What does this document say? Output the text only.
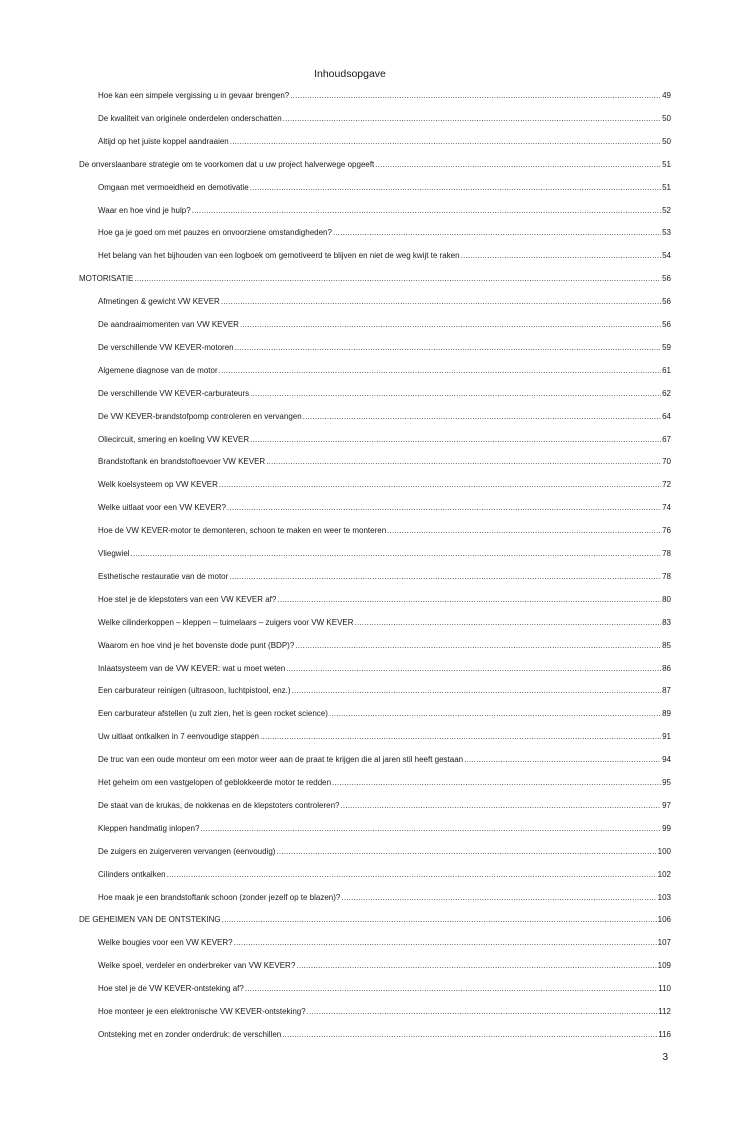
Inhoudsopgave
Hoe kan een simpele vergissing u in gevaar brengen? .....	49
De kwaliteit van originele onderdelen onderschatten .....	50
Altijd op het juiste koppel aandraaien .....	50
De onverslaanbare strategie om te voorkomen dat u uw project halverwege opgeeft .....	51
Omgaan met vermoeidheid en demotivatie .....	51
Waar en hoe vind je hulp? .....	52
Hoe ga je goed om met pauzes en onvoorziene omstandigheden? .....	53
Het belang van het bijhouden van een logboek om gemotiveerd te blijven en niet de weg kwijt te raken .....	54
MOTORISATIE .....	56
Afmetingen & gewicht VW KEVER .....	56
De aandraaimomenten van VW KEVER .....	56
De verschillende VW KEVER-motoren .....	59
Algemene diagnose van de motor .....	61
De verschillende VW KEVER-carburateurs .....	62
De VW KEVER-brandstofpomp controleren en vervangen .....	64
Oliecircuit, smering en koeling VW KEVER .....	67
Brandstoftank en brandstoftoevoer VW KEVER .....	70
Welk koelsysteem op VW KEVER .....	72
Welke uitlaat voor een VW KEVER? .....	74
Hoe de VW KEVER-motor te demonteren, schoon te maken en weer te monteren .....	76
Vliegwiel .....	78
Esthetische restauratie van de motor .....	78
Hoe stel je de klepstoters van een VW KEVER af? .....	80
Welke cilinderkoppen – kleppen – tuimelaars – zuigers voor VW KEVER .....	83
Waarom en hoe vind je het bovenste dode punt (BDP)? .....	85
Inlaatsysteem van de VW KEVER: wat u moet weten .....	86
Een carburateur reinigen (ultrasoon, luchtpistool, enz.) .....	87
Een carburateur afstellen (u zult zien, het is geen rocket science) .....	89
Uw uitlaat ontkalken in 7 eenvoudige stappen .....	91
De truc van een oude monteur om een motor weer aan de praat te krijgen die al jaren stil heeft gestaan .....	94
Het geheim om een vastgelopen of geblokkeerde motor te redden .....	95
De staat van de krukas, de nokkenas en de klepstoters controleren? .....	97
Kleppen handmatig inlopen? .....	99
De zuigers en zuigerveren vervangen (eenvoudig) .....	100
Cilinders ontkalken .....	102
Hoe maak je een brandstoftank schoon (zonder jezelf op te blazen)? .....	103
DE GEHEIMEN VAN DE ONTSTEKING .....	106
Welke bougies voor een VW KEVER? .....	107
Welke spoel, verdeler en onderbreker van VW KEVER? .....	109
Hoe stel je de VW KEVER-ontsteking af? .....	110
Hoe monteer je een elektronische VW KEVER-ontsteking? .....	112
Ontsteking met en zonder onderdruk: de verschillen .....	116
3
